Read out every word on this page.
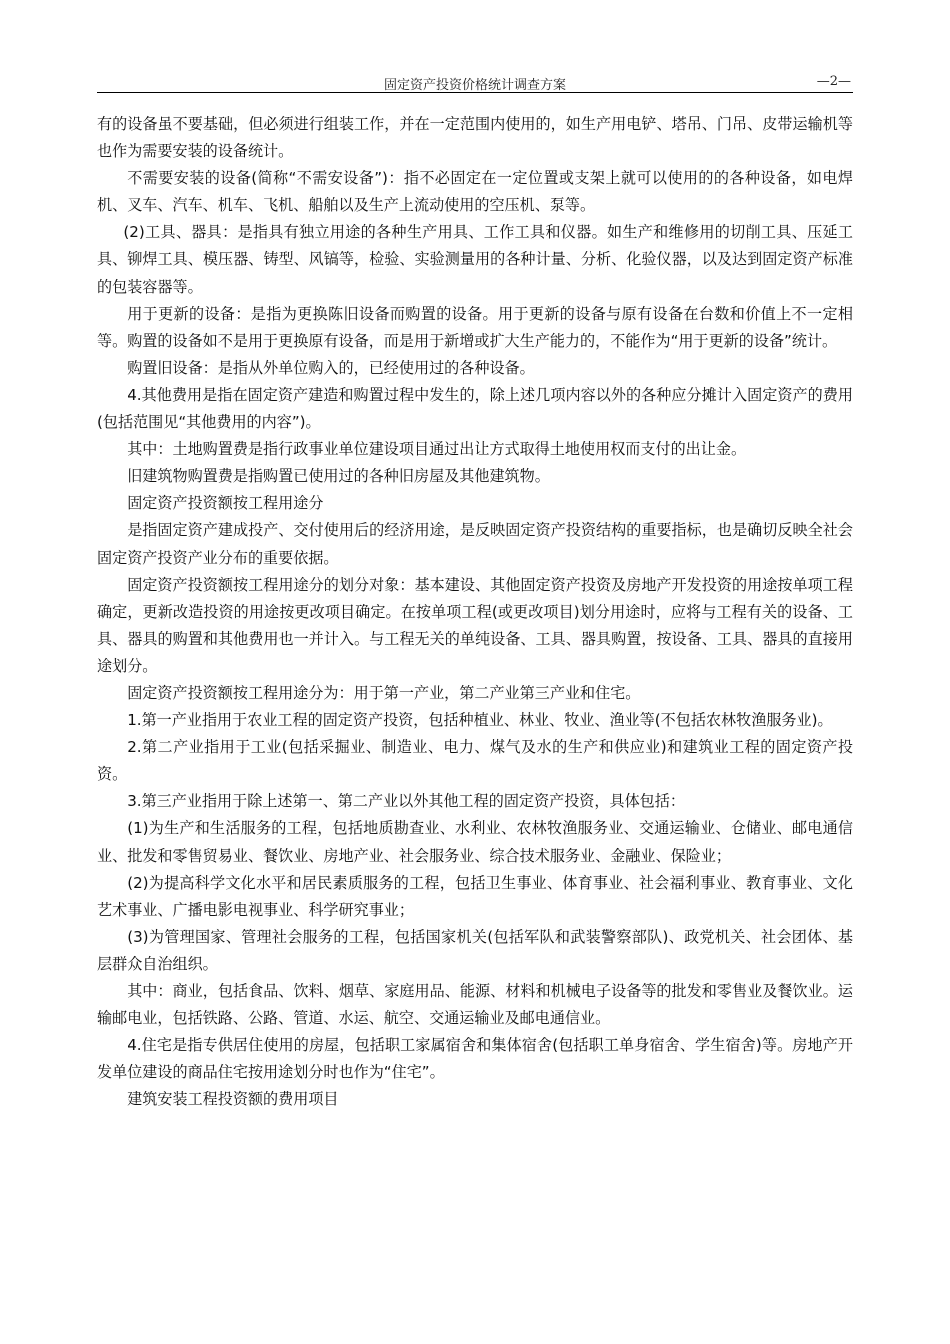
固定资产投资价格统计调查方案	—2—

有的设备虽不要基础，但必须进行组装工作，并在一定范围内使用的，如生产用电铲、塔吊、门吊、皮带运输机等也作为需要安装的设备统计。

不需要安装的设备(简称“不需安设备”)：指不必固定在一定位置或支架上就可以使用的的各种设备，如电焊机、叉车、汽车、机车、飞机、船舶以及生产上流动使用的空压机、泵等。

(2)工具、器具：是指具有独立用途的各种生产用具、工作工具和仪器。如生产和维修用的切削工具、压延工具、铆焊工具、模压器、铸型、风镐等，检验、实验测量用的各种计量、分析、化验仪器，以及达到固定资产标准的包装容器等。

用于更新的设备：是指为更换陈旧设备而购置的设备。用于更新的设备与原有设备在台数和价值上不一定相等。购置的设备如不是用于更换原有设备，而是用于新增或扩大生产能力的，不能作为“用于更新的设备”统计。

购置旧设备：是指从外单位购入的，已经使用过的各种设备。

4.其他费用是指在固定资产建造和购置过程中发生的，除上述几项内容以外的各种应分摊计入固定资产的费用(包括范围见“其他费用的内容”)。

其中：土地购置费是指行政事业单位建设项目通过出让方式取得土地使用权而支付的出让金。

旧建筑物购置费是指购置已使用过的各种旧房屋及其他建筑物。

固定资产投资额按工程用途分

是指固定资产建成投产、交付使用后的经济用途，是反映固定资产投资结构的重要指标，也是确切反映全社会固定资产投资产业分布的重要依据。

固定资产投资额按工程用途分的划分对象：基本建设、其他固定资产投资及房地产开发投资的用途按单项工程确定，更新改造投资的用途按更改项目确定。在按单项工程(或更改项目)划分用途时，应将与工程有关的设备、工具、器具的购置和其他费用也一并计入。与工程无关的单纯设备、工具、器具购置，按设备、工具、器具的直接用途划分。

固定资产投资额按工程用途分为：用于第一产业，第二产业第三产业和住宅。

1.第一产业指用于农业工程的固定资产投资，包括种植业、林业、牧业、渔业等(不包括农林牧渔服务业)。

2.第二产业指用于工业(包括采掘业、制造业、电力、煤气及水的生产和供应业)和建筑业工程的固定资产投资。

3.第三产业指用于除上述第一、第二产业以外其他工程的固定资产投资，具体包括：

(1)为生产和生活服务的工程，包括地质勘查业、水利业、农林牧渔服务业、交通运输业、仓储业、邮电通信业、批发和零售贸易业、餐饮业、房地产业、社会服务业、综合技术服务业、金融业、保险业；

(2)为提高科学文化水平和居民素质服务的工程，包括卫生事业、体育事业、社会福利事业、教育事业、文化艺术事业、广播电影电视事业、科学研究事业；

(3)为管理国家、管理社会服务的工程，包括国家机关(包括军队和武装警察部队)、政党机关、社会团体、基层群众自治组织。

其中：商业，包括食品、饮料、烟草、家庭用品、能源、材料和机械电子设备等的批发和零售业及餐饮业。运输邮电业，包括铁路、公路、管道、水运、航空、交通运输业及邮电通信业。

4.住宅是指专供居住使用的房屋，包括职工家属宿舍和集体宿舍(包括职工单身宿舍、学生宿舍)等。房地产开发单位建设的商品住宅按用途划分时也作为“住宅”。

建筑安装工程投资额的费用项目
